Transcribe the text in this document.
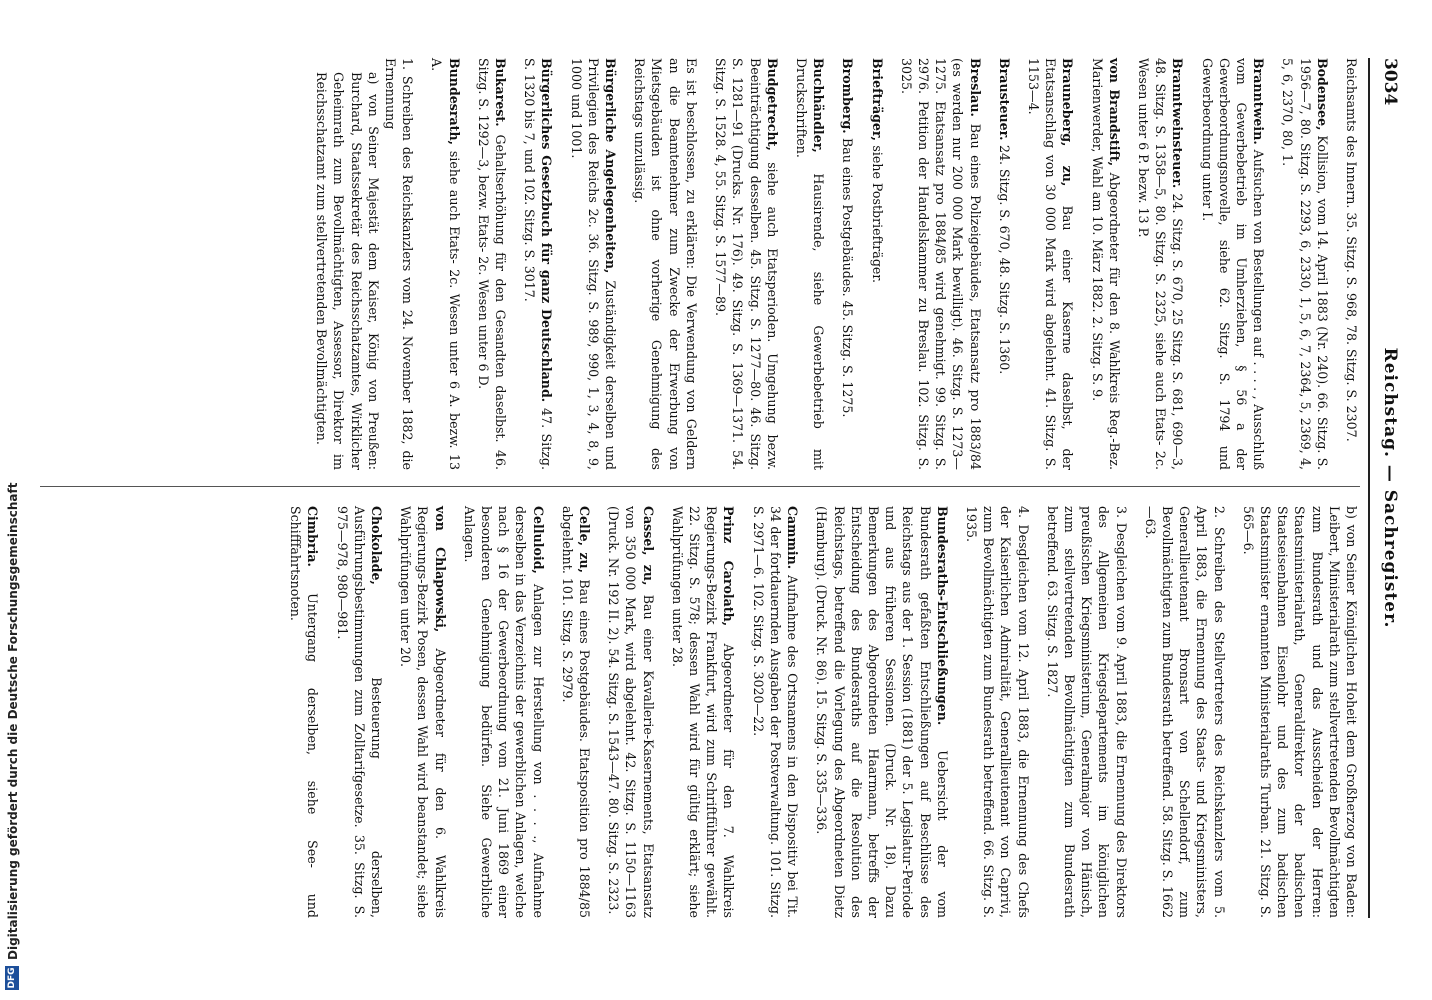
3034
Reichstag. — Sachregister.
Reichsamts des Innern. 35. Sitzg. S. 968, 78. Sitzg. S. 2307.
Bodensee, Kollision, vom 14. April 1883 (Nr. 240). 66. Sitzg. S. 1956—7, 80. Sitzg. S. 2293, 6, 2330, 1, 5, 6, 7, 2364, 5, 2369, 4, 5, 6, 2370, 80, 1.
Branntwein. Aufsuchen von Bestellungen auf . . . . , Ausschluß vom Gewerbebetrieb im Umherziehen, § 56 a der Gewerbeordnungsnovelle, siehe 62. Sitzg. S. 1794 und Gewerbeordnung unter I.
Branntweinsteuer. 24. Sitzg. S. 670, 25 Sitzg. S. 681, 690—3, 48. Sitzg. S. 1358—5, 80. Sitzg. S. 2325, siehe auch Etats- 2c. Wesen unter 6 P. bezw. 13 P.
von Brandstift, Abgeordneter für den 8. Wahlkreis Reg.-Bez. Marienwerder, Wahl am 10. März 1882. 2. Sitzg. S. 9.
Brauneberg, zu, Bau einer Kaserne daselbst, der Etatsanschlag von 30 000 Mark wird abgelehnt. 41. Sitzg. S. 1153—4.
Brausteuer. 24. Sitzg. S. 670, 48. Sitzg. S. 1360.
Breslau. Bau eines Polizeigebäudes, Etatsansatz pro 1883/84 (es werden nur 200 000 Mark bewilligt). 46. Sitzg. S. 1273—1275. Etatsansatz pro 1884/85 wird genehmigt. 99. Sitzg. S. 2976. Petition der Handelskammer zu Breslau. 102. Sitzg. S. 3025.
Briefträger, siehe Postbriefträger.
Bromberg. Bau eines Postgebäudes. 45. Sitzg. S. 1275.
Buchhändler, Hausirende, siehe Gewerbebetrieb mit Druckschriften.
Budgetrecht, siehe auch Etatsperioden. Umgehung bezw. Beeinträchtigung desselben. 45. Sitzg. S. 1277—80. 46. Sitzg. S. 1281—91 (Drucks. Nr. 176). 49. Sitzg. S. 1369—1371. 54. Sitzg. S. 1528. 4, 55. Sitzg. S. 1577—89.
Es ist beschlossen, zu erklären: Die Verwendung von Geldern an die Beamtenehmer zum Zwecke der Erwerbung von Mietsgebäuden ist ohne vorherige Genehmigung des Reichstags unzulässig.
Bürgerliche Angelegenheiten, Zuständigkeit derselben und Privilegien des Reichs 2c. 36. Sitzg. S. 989, 990, 1, 3, 4, 8, 9, 1000 und 1001.
Bürgerliches Gesetzbuch für ganz Deutschland. 47. Sitzg. S. 1320 bis 7, und 102. Sitzg. S. 3017.
Bukarest. Gehaltserhöhung für den Gesandten daselbst. 46. Sitzg. S. 1292—3, bezw. Etats- 2c. Wesen unter 6 D.
Bundesrath, siehe auch Etats- 2c. Wesen unter 6 A. bezw. 13 A.
1. Schreiben des Reichskanzlers vom 24. November 1882, die Ernennung
a) von Seiner Majestät dem Kaiser, König von Preußen: Burchard, Staatssekretär des Reichsschatzamtes, Wirklicher Geheimrath zum Bevollmächtigten, Assessor, Direktor im Reichsschatzamt zum stellvertretenden Bevollmächtigten.
b) von Seiner Königlichen Hoheit dem Großherzog von Baden: Leibert, Ministerialrath zum stellvertretenden Bevollmächtigten zum Bundesrath und das Ausscheiden der Herren: Staatsministerialrath, Generaldirektor der badischen Staatseisenbahnen Eisenlohr und des zum badischen Staatsminister ernannten Ministerialraths Turban. 21. Sitzg. S. 565—6.
2. Schreiben des Stellvertreters des Reichskanzlers vom 5. April 1883, die Ernennung des Staats- und Kriegsministers, Generallieutenant Bronsart von Schellendorf, zum Bevollmächtigten zum Bundesrath betreffend. 58. Sitzg. S. 1662—63.
3. Desgleichen vom 9. April 1883, die Ernennung des Direktors des Allgemeinen Kriegsdepartements im königlichen preußischen Kriegsministerium, Generalmajor von Hänisch, zum stellvertretenden Bevollmächtigten zum Bundesrath betreffend. 63. Sitzg. S. 1827.
4. Desgleichen vom 12. April 1883, die Ernennung des Chefs der Kaiserlichen Admiralität, Generallieutenant von Caprivi, zum Bevollmächtigten zum Bundesrath betreffend. 66. Sitzg. S. 1935.
Bundesraths-Entschließungen. Uebersicht der vom Bundesrath gefaßten Entschließungen auf Beschlüsse des Reichstags aus der 1. Session (1881) der 5. Legislatur-Periode und aus früheren Sessionen. (Druck. Nr. 18). Dazu Bemerkungen des Abgeordneten Haarmann, betreffs der Entscheidung des Bundesraths auf die Resolution des Reichstags, betreffend die Vorlegung des Abgeordneten Dietz (Hamburg). (Druck. Nr. 86). 15. Sitzg. S. 335—336.
Cammin. Aufnahme des Ortsnamens in den Dispositiv bei Tit. 34 der fortdauernden Ausgaben der Postverwaltung. 101. Sitzg. S. 2971—6. 102. Sitzg. S. 3020—22.
Prinz Carolath, Abgeordneter für den 7. Wahlkreis Regierungs-Bezirk Frankfurt, wird zum Schriftführer gewählt. 22. Sitzg. S. 578; dessen Wahl wird für gültig erklärt; siehe Wahlprüfungen unter 28.
Cassel, zu, Bau einer Kavallerie-Kasernements, Etatsansatz von 350 000 Mark, wird abgelehnt. 42. Sitzg. S. 1150—1163 (Druck. Nr. 192 II. 2). 54. Sitzg. S. 1543—47. 80. Sitzg. S. 2323.
Celle, zu, Bau eines Postgebäudes. Etatsposition pro 1884/85 abgelehnt. 101. Sitzg. S. 2979.
Celluloid, Anlagen zur Herstellung von . . . ., Aufnahme derselben in das Verzeichnis der gewerblichen Anlagen, welche nach § 16 der Gewerbeordnung vom 21. Juni 1869 einer besonderen Genehmigung bedürfen. Siehe Gewerbliche Anlagen.
von Chlapowski, Abgeordneter für den 6. Wahlkreis Regierungs-Bezirk Posen, dessen Wahl wird beanstandet; siehe Wahlprüfungen unter 20.
Chokolade, Besteuerung derselben, Ausführungsbestimmungen zum Zolltarifgesetze. 35. Sitzg. S. 975—978, 980—981.
Cimbria. Untergang derselben, siehe See- und Schifffahrtsnoten.
DFG
Digitalisierung gefördert durch die Deutsche Forschungsgemeinschaft
